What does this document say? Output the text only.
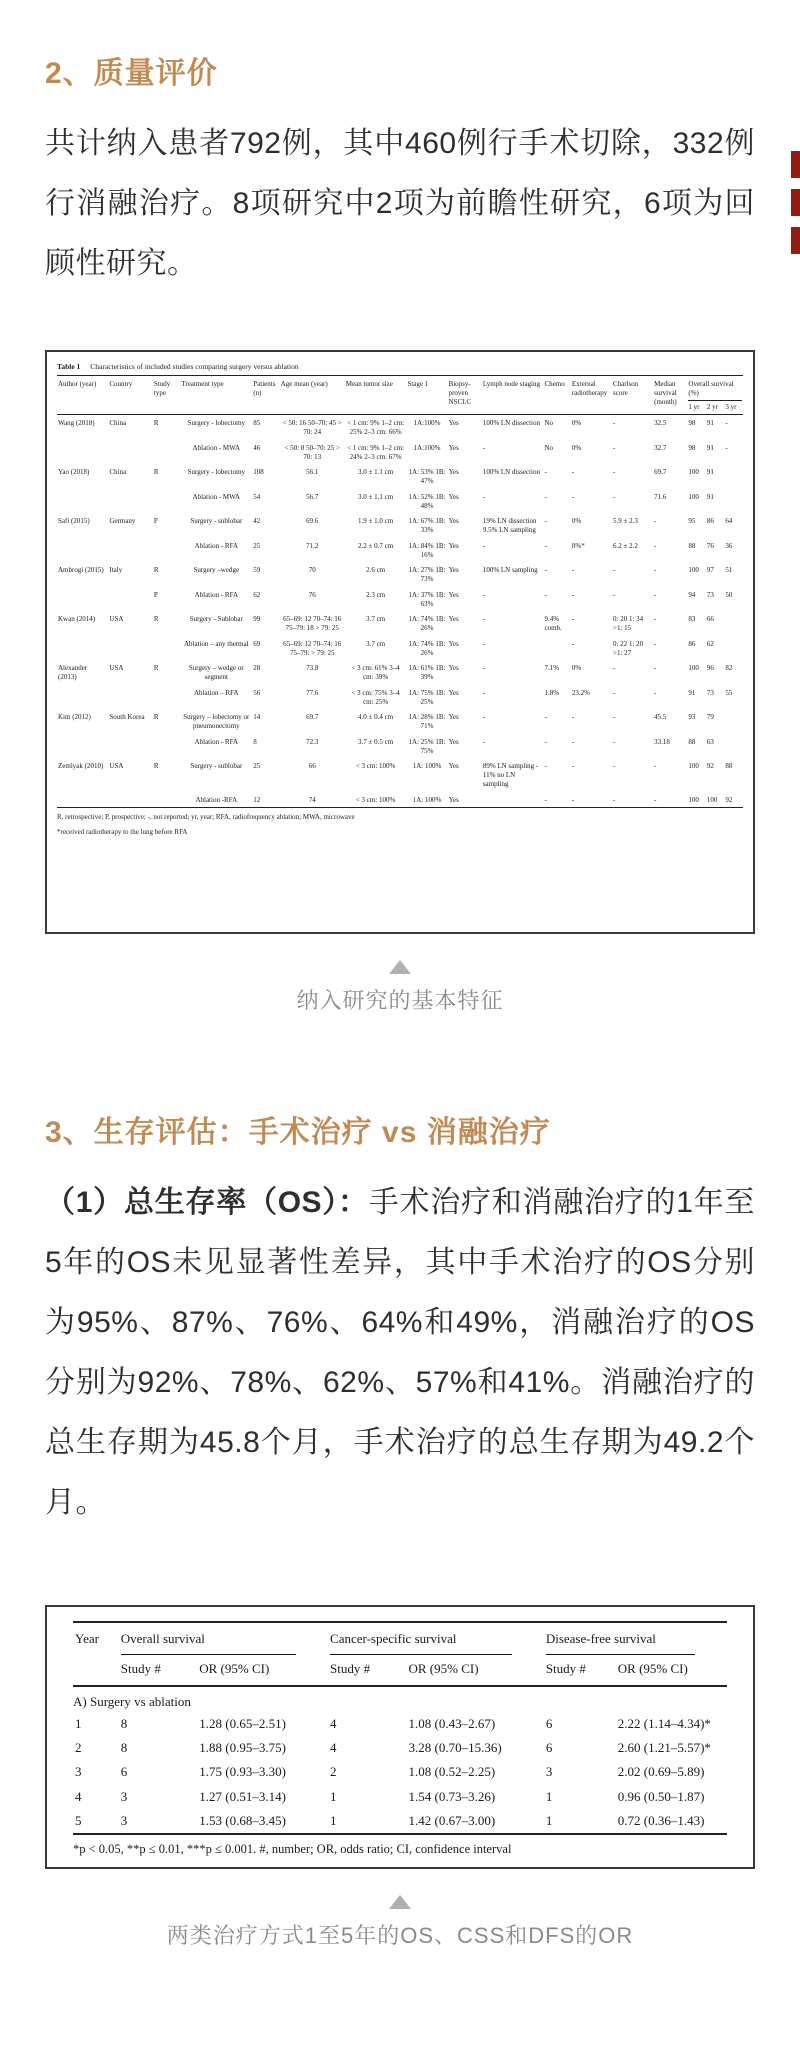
2、质量评价

共计纳入患者792例，其中460例行手术切除，332例行消融治疗。8项研究中2项为前瞻性研究，6项为回顾性研究。

Table 1 Characteristics of included studies comparing surgery versus ablation
Author (year)	Country	Study type	Treatment type	Patients (n)	Age mean (year)	Mean tumor size	Stage 1	Biopsy-proven NSCLC	Lymph node staging	Chemo	External radiotherapy	Charlson score	Median survival (month)	Overall survival (%)		

														1 yr	2 yr	3 yr
Wang (2018)	China	R	Surgery - lobectomy	85	< 50: 16 50–70: 45 > 70: 24	< 1 cm: 9% 1–2 cm: 25% 2–3 cm: 66%	1A:100%	Yes	100% LN dissection	No	0%	-	32.5	98	91	-
			Ablation - MWA	46	< 50: 8 50–70: 25 > 70: 13	< 1 cm: 9% 1–2 cm: 24% 2–3 cm: 67%	1A:100%	Yes	-	No	0%	-	32.7	98	91	-
Yao (2018)	China	R	Surgery - lobectomy	108	56.1	3.0 ± 1.1 cm	1A: 53% 1B: 47%	Yes	100% LN dissection	-	-	-	69.7	100	91	
			Ablation - MWA	54	56.7	3.0 ± 1.1 cm	1A: 52% 1B: 48%	Yes	-	-	-	-	71.6	100	91	
Safi (2015)	Germany	P	Surgery - sublobar	42	69.6	1.9 ± 1.0 cm	1A: 67% 1B: 33%	Yes	19% LN dissection 9.5% LN sampling	-	0%	5.9 ± 2.3	-	95	86	64
			Ablation - RFA	25	71.2	2.2 ± 0.7 cm	1A: 84% 1B: 16%	Yes	-	-	8%*	6.2 ± 2.2	-	88	76	36
Ambrogi (2015)	Italy	R	Surgery –wedge	59	70	2.6 cm	1A: 27% 1B: 73%	Yes	100% LN sampling	-	-	-	-	100	97	51
		P	Ablation - RFA	62	76	2.3 cm	1A: 37% 1B: 63%	Yes	-	-	-	-	-	94	73	50
Kwan (2014)	USA	R	Surgery - Sublobar	99	65–69: 12 70–74: 16 75–79: 18 > 79: 25	3.7 cm	1A: 74% 1B: 26%	Yes	-	9.4% comb.	-	0: 20 1: 34 >1: 15	-	83	66	
			Ablation – any thermal	69	65–69: 12 70–74: 16 75–79: > 79: 25	3.7 cm	1A: 74% 1B: 26%	Yes	-		-	0: 22 1: 20 >1: 27	-	86	62	
Alexander (2013)	USA	R	Surgery – wedge or segment	28	73.8	< 3 cm: 61% 3–4 cm: 39%	1A: 61% 1B: 39%	Yes	-	7.1%	0%	-	-	100	96	82
			Ablation – RFA	56	77.6	< 3 cm: 75% 3–4 cm: 25%	1A: 75% 1B: 25%	Yes	-	1.8%	23.2%	-	-	91	73	55
Kim (2012)	South Korea	R	Surgery – lobectomy or pneumonectomy	14	69.7	4.0 ± 0.4 cm	1A: 28% 1B: 71%	Yes	-	-	-	-	45.5	93	79	
			Ablation - RFA	8	72.3	3.7 ± 0.5 cm	1A: 25% 1B: 75%	Yes	-	-	-	-	33.18	88	63	
Zemlyak (2010)	USA	R	Surgery - sublobar	25	66	< 3 cm: 100%	1A: 100%	Yes	89% LN sampling - 11% no LN sampling	-	-	-	-	100	92	88
			Ablation -RFA	12	74	< 3 cm: 100%	1A: 100%	Yes		-	-	-	-	100	100	92
R, retrospective; P, prospective; -, not reported; yr, year; RFA, radiofrequency ablation; MWA, microwave
*received radiotherapy to the lung before RFA
纳入研究的基本特征
3、生存评估：手术治疗 vs 消融治疗

（1）总生存率（OS）：手术治疗和消融治疗的1年至5年的OS未见显著性差异，其中手术治疗的OS分别为95%、87%、76%、64%和49%，消融治疗的OS分别为92%、78%、62%、57%和41%。消融治疗的总生存期为45.8个月，手术治疗的总生存期为49.2个月。

Year	Overall survival		Cancer-specific survival		Disease-free survival	

	Study #	OR (95% CI)	Study #	OR (95% CI)	Study #	OR (95% CI)
A) Surgery vs ablation						
1	8	1.28 (0.65–2.51)	4	1.08 (0.43–2.67)	6	2.22 (1.14–4.34)*
2	8	1.88 (0.95–3.75)	4	3.28 (0.70–15.36)	6	2.60 (1.21–5.57)*
3	6	1.75 (0.93–3.30)	2	1.08 (0.52–2.25)	3	2.02 (0.69–5.89)
4	3	1.27 (0.51–3.14)	1	1.54 (0.73–3.26)	1	0.96 (0.50–1.87)
5	3	1.53 (0.68–3.45)	1	1.42 (0.67–3.00)	1	0.72 (0.36–1.43)
*p < 0.05, **p ≤ 0.01, ***p ≤ 0.001. #, number; OR, odds ratio; CI, confidence interval
两类治疗方式1至5年的OS、CSS和DFS的OR
